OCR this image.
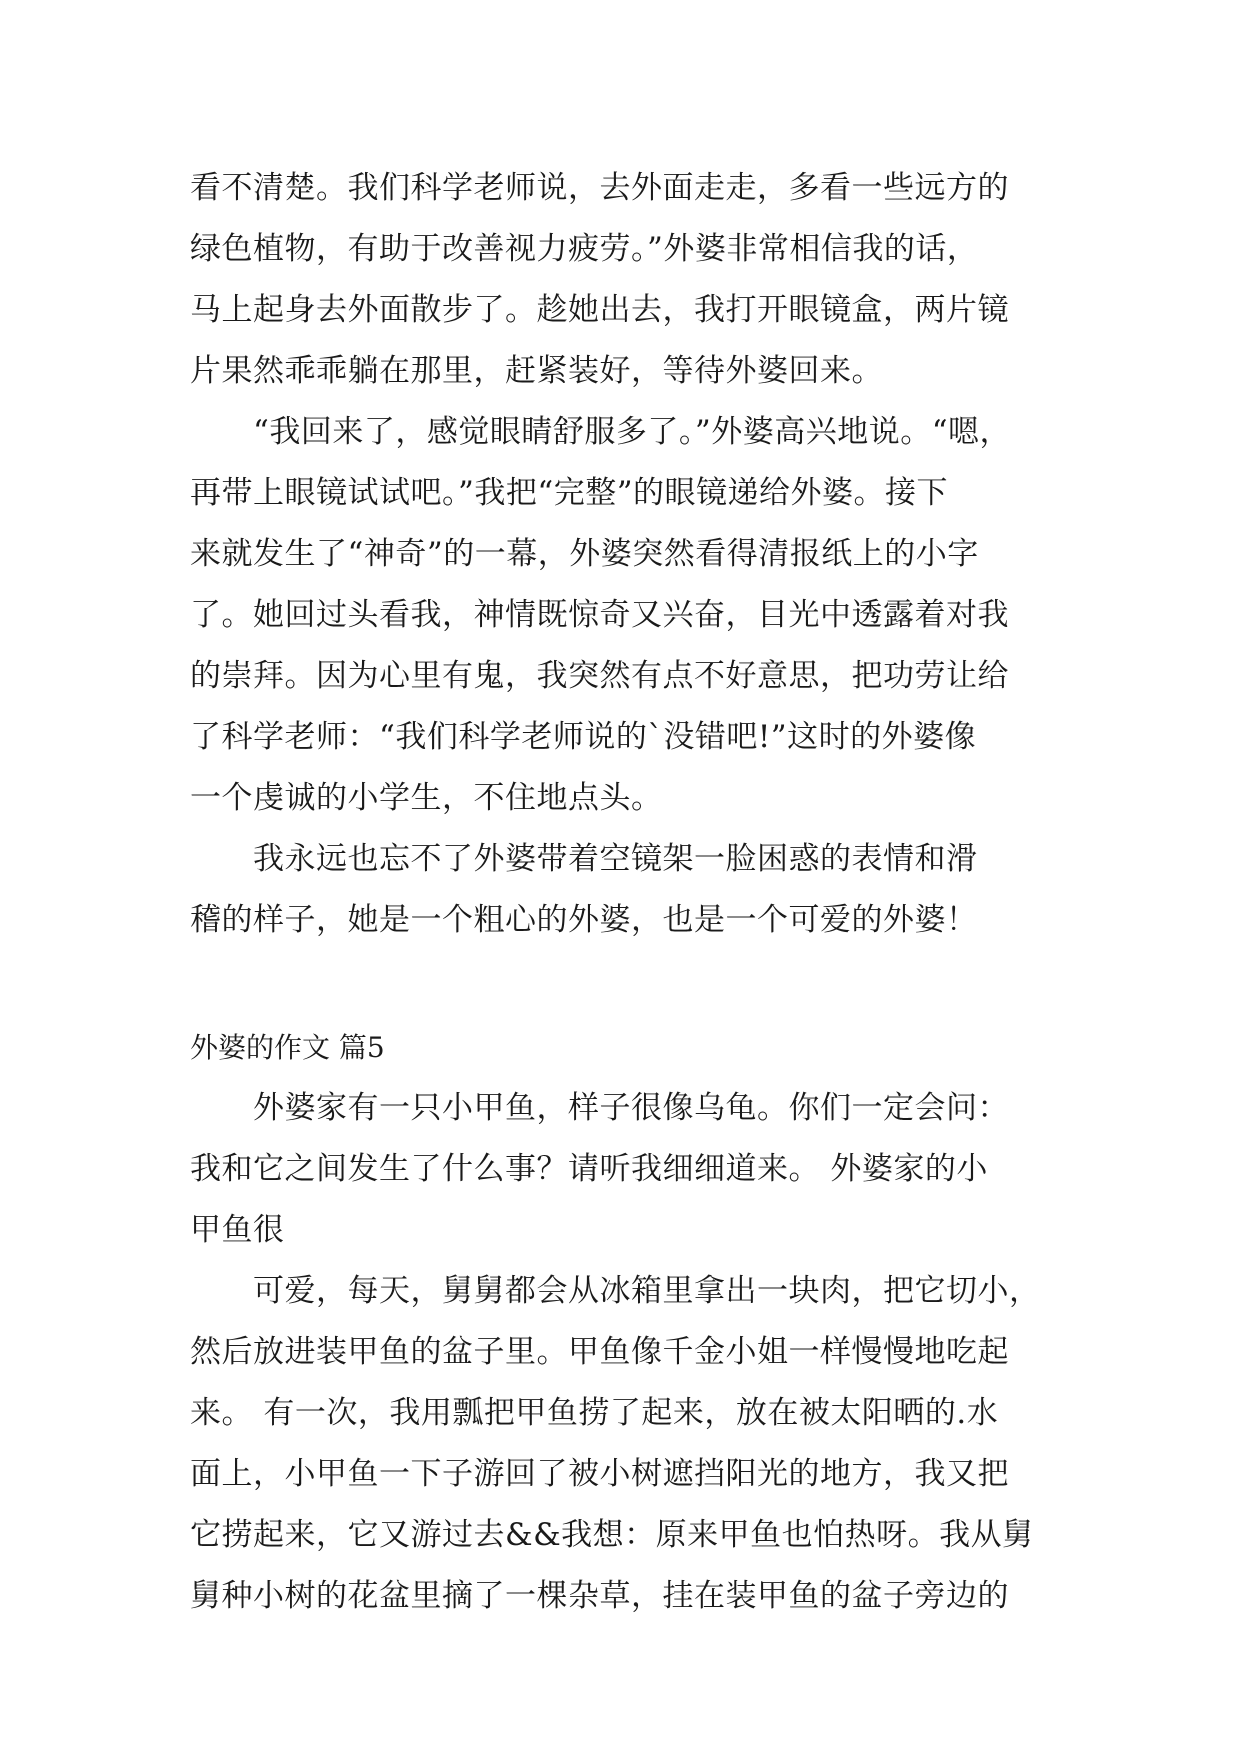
看不清楚。我们科学老师说，去外面走走，多看一些远方的
绿色植物，有助于改善视力疲劳。”外婆非常相信我的话，
马上起身去外面散步了。趁她出去，我打开眼镜盒，两片镜
片果然乖乖躺在那里，赶紧装好，等待外婆回来。
　　“我回来了，感觉眼睛舒服多了。”外婆高兴地说。“嗯，
再带上眼镜试试吧。”我把“完整”的眼镜递给外婆。接下
来就发生了“神奇”的一幕，外婆突然看得清报纸上的小字
了。她回过头看我，神情既惊奇又兴奋，目光中透露着对我
的崇拜。因为心里有鬼，我突然有点不好意思，把功劳让给
了科学老师：“我们科学老师说的`没错吧!”这时的外婆像
一个虔诚的小学生，不住地点头。
　　我永远也忘不了外婆带着空镜架一脸困惑的表情和滑
稽的样子，她是一个粗心的外婆，也是一个可爱的外婆！
外婆的作文 篇5
　　外婆家有一只小甲鱼，样子很像乌龟。你们一定会问：
我和它之间发生了什么事？请听我细细道来。 外婆家的小
甲鱼很
　　可爱，每天，舅舅都会从冰箱里拿出一块肉，把它切小，
然后放进装甲鱼的盆子里。甲鱼像千金小姐一样慢慢地吃起
来。 有一次，我用瓢把甲鱼捞了起来，放在被太阳晒的.水
面上，小甲鱼一下子游回了被小树遮挡阳光的地方，我又把
它捞起来，它又游过去&&我想：原来甲鱼也怕热呀。我从舅
舅种小树的花盆里摘了一棵杂草，挂在装甲鱼的盆子旁边的
